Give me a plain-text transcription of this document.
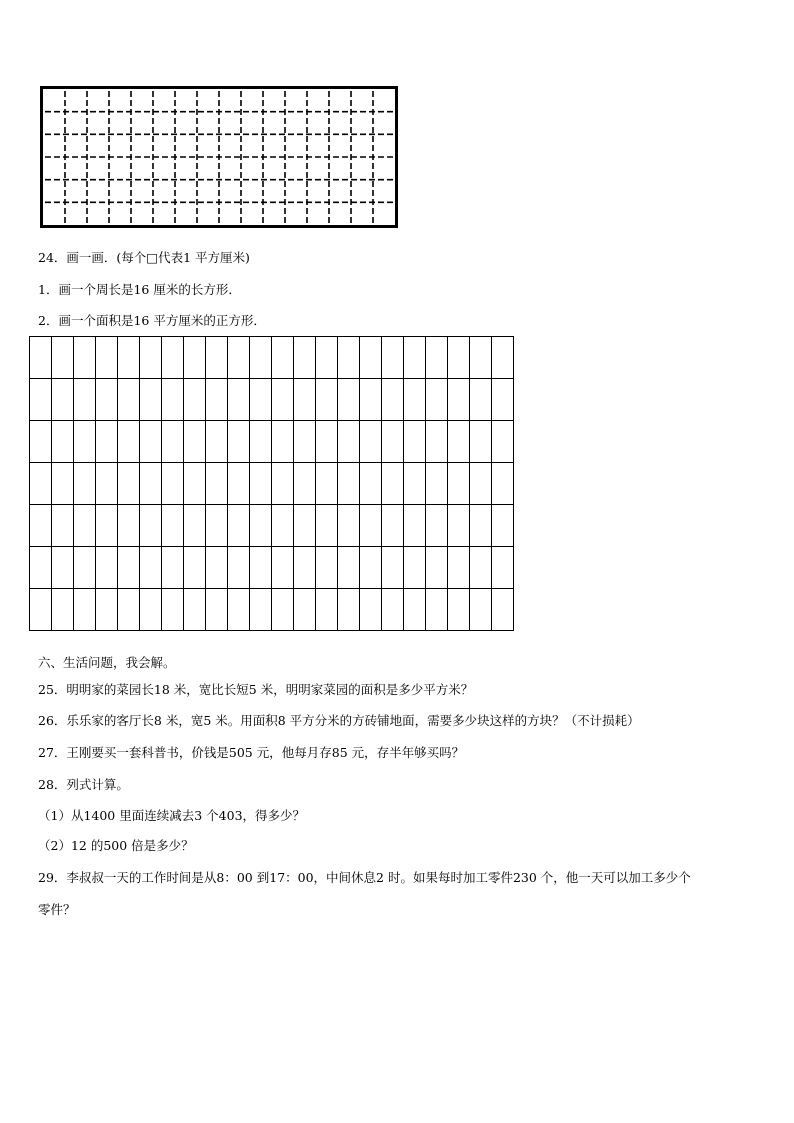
24．画一画．(每个□代表1 平方厘米)
1．画一个周长是16 厘米的长方形．
2．画一个面积是16 平方厘米的正方形．

六、生活问题，我会解。
25．明明家的菜园长18 米，宽比长短5 米，明明家菜园的面积是多少平方米？
26．乐乐家的客厅长8 米，宽5 米。用面积8 平方分米的方砖铺地面，需要多少块这样的方块？（不计损耗）
27．王刚要买一套科普书，价钱是505 元，他每月存85 元，存半年够买吗？
28．列式计算。
（1）从1400 里面连续减去3 个403，得多少？
（2）12 的500 倍是多少？
29．李叔叔一天的工作时间是从8：00 到17：00，中间休息2 时。如果每时加工零件230 个，他一天可以加工多少个
零件？
